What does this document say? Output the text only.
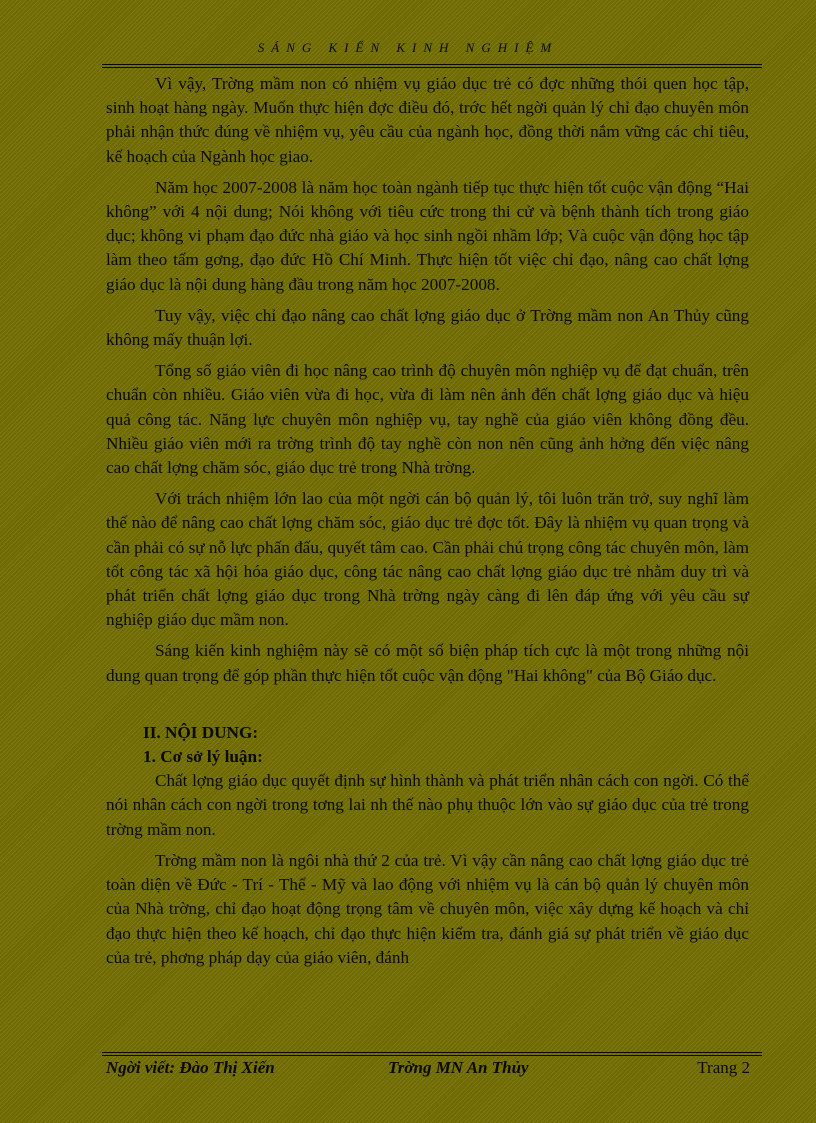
SÁNG KIẾN KINH NGHIỆM

Vì vậy, Trờng mầm non có nhiệm vụ giáo dục trẻ có đợc những thói quen học tập, sinh hoạt hàng ngày. Muốn thực hiện đợc điều đó, trớc hết ngời quản lý chỉ đạo chuyên môn phải nhận thức đúng về nhiệm vụ, yêu cầu của ngành học, đồng thời nắm vững các chỉ tiêu, kế hoạch của Ngành học giao.

Năm học 2007-2008 là năm học toàn ngành tiếp tục thực hiện tốt cuộc vận động “Hai không” với 4 nội dung; Nói không với tiêu cức trong thi cử và bệnh thành tích trong giáo dục; không vi phạm đạo đức nhà giáo và học sinh ngồi nhầm lớp; Và cuộc vận động học tập làm theo tấm gơng, đạo đức Hồ Chí Minh. Thực hiện tốt việc chỉ đạo, nâng cao chất lợng giáo dục là nội dung hàng đầu trong năm học 2007-2008.

Tuy vậy, việc chỉ đạo nâng cao chất lợng giáo dục ở Trờng mầm non An Thủy cũng không mấy thuận lợi.

Tổng số giáo viên đi học nâng cao trình độ chuyên môn nghiệp vụ để đạt chuẩn, trên chuẩn còn nhiều. Giáo viên vừa đi học, vừa đi làm nên ảnh đến chất lợng giáo dục và hiệu quả công tác. Năng lực chuyên môn nghiệp vụ, tay nghề của giáo viên không đồng đều. Nhiều giáo viên mới ra trờng trình độ tay nghề còn non nên cũng ảnh hởng đến việc nâng cao chất lợng chăm sóc, giáo dục trẻ trong Nhà trờng.

Với trách nhiệm lớn lao của một ngời cán bộ quản lý, tôi luôn trăn trở, suy nghĩ làm thế nào để nâng cao chất lợng chăm sóc, giáo dục trẻ đợc tốt. Đây là nhiệm vụ quan trọng và cần phải có sự nỗ lực phấn đấu, quyết tâm cao. Cần phải chú trọng công tác chuyên môn, làm tốt công tác xã hội hóa giáo dục, công tác nâng cao chất lợng giáo dục trẻ nhằm duy trì và phát triển chất lợng giáo dục trong Nhà trờng ngày càng đi lên đáp ứng với yêu cầu sự nghiệp giáo dục mầm non.

Sáng kiến kinh nghiệm này sẽ có một số biện pháp tích cực là một trong những nội dung quan trọng để góp phần thực hiện tốt cuộc vận động "Hai không" của Bộ Giáo dục.

II. NỘI DUNG:
1. Cơ sở lý luận:

Chất lợng giáo dục quyết định sự hình thành và phát triển nhân cách con ngời. Có thể nói nhân cách con ngời trong tơng lai nh thế nào phụ thuộc lớn vào sự giáo dục của trẻ trong trờng mầm non.

Trờng mầm non là ngôi nhà thứ 2 của trẻ. Vì vậy cần nâng cao chất lợng giáo dục trẻ toàn diện về Đức - Trí - Thể - Mỹ và lao động với nhiệm vụ là cán bộ quản lý chuyên môn của Nhà trờng, chỉ đạo hoạt động trọng tâm về chuyên môn, việc xây dựng kế hoạch và chỉ đạo thực hiện theo kế hoạch, chỉ đạo thực hiện kiểm tra, đánh giá sự phát triển về giáo dục của trẻ, phơng pháp dạy của giáo viên, đánh

Ngời viết: Đào Thị Xiến	Trờng MN An Thủy	Trang 2
